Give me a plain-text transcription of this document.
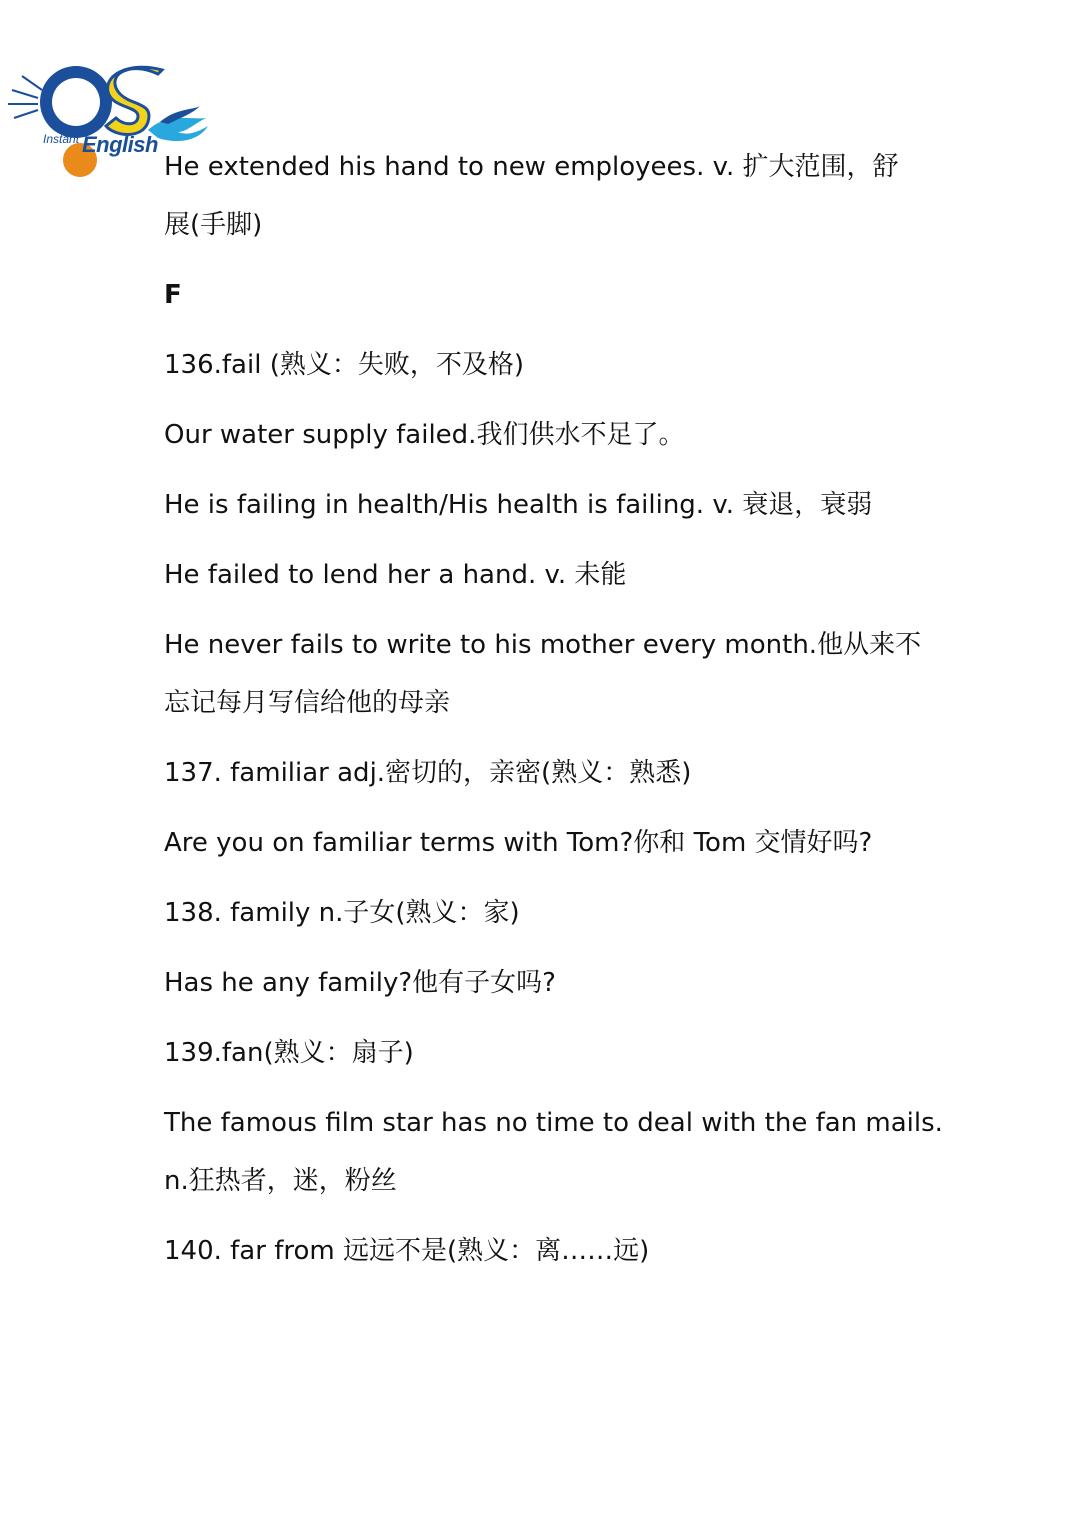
奇速英语
Instant English
He extended his hand to new employees. v. 扩大范围，舒
展(手脚)
F
136.fail (熟义：失败，不及格)
Our water supply failed.我们供水不足了。
He is failing in health/His health is failing. v. 衰退，衰弱
He failed to lend her a hand. v. 未能
He never fails to write to his mother every month.他从来不
忘记每月写信给他的母亲
137. familiar adj.密切的，亲密(熟义：熟悉)
Are you on familiar terms with Tom?你和 Tom 交情好吗?
138. family n.子女(熟义：家)
Has he any family?他有子女吗?
139.fan(熟义：扇子)
The famous film star has no time to deal with the fan mails.
n.狂热者，迷，粉丝
140. far from 远远不是(熟义：离……远)
